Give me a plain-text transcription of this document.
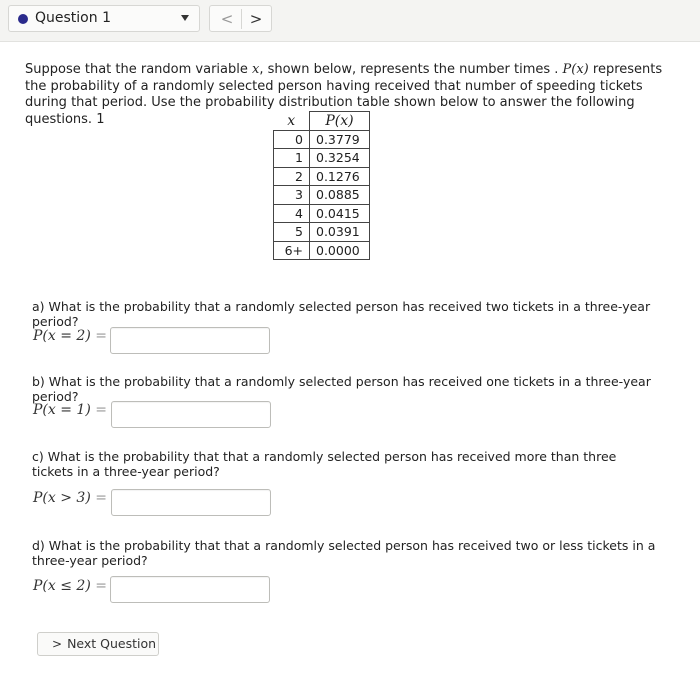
Question 1	<	>
Suppose that the random variable x, shown below, represents the number times . P(x) represents the probability of a randomly selected person having received that number of speeding tickets during that period. Use the probability distribution table shown below to answer the following questions. 1	x	P(x)
0	0.3779
1	0.3254
2	0.1276
3	0.0885
4	0.0415
5	0.0391
6+	0.0000
a) What is the probability that a randomly selected person has received two tickets in a three-year period?
P(x = 2) =
b) What is the probability that a randomly selected person has received one tickets in a three-year period?
P(x = 1) =
c) What is the probability that that a randomly selected person has received more than three tickets in a three-year period?
P(x > 3) =
d) What is the probability that that a randomly selected person has received two or less tickets in a three-year period?
P(x ≤ 2) =
> Next Question
